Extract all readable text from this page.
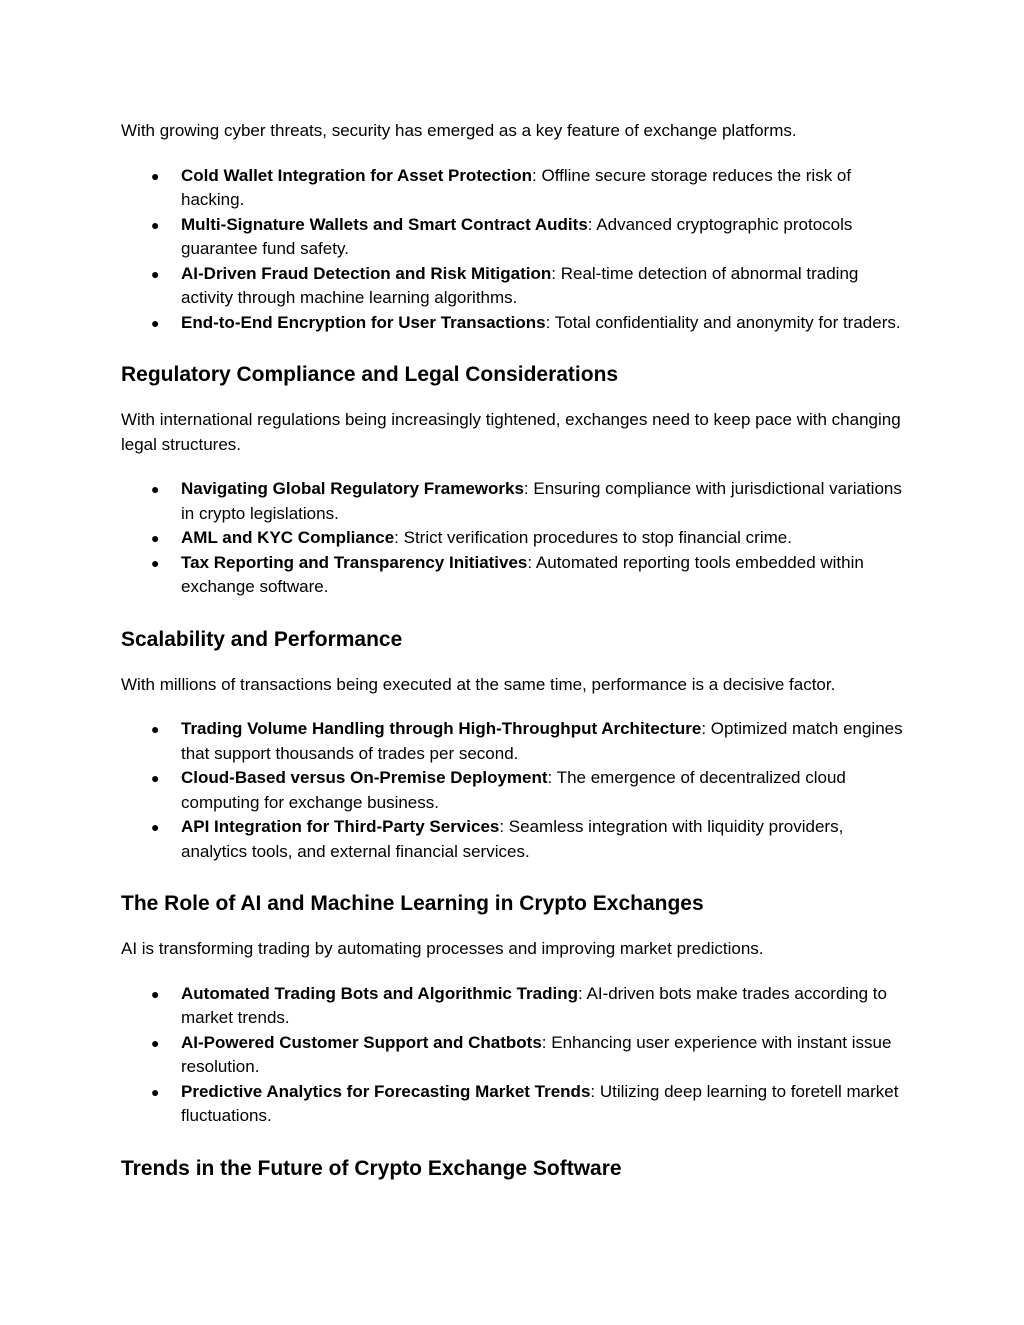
With growing cyber threats, security has emerged as a key feature of exchange platforms.

● Cold Wallet Integration for Asset Protection: Offline secure storage reduces the risk of hacking.
● Multi-Signature Wallets and Smart Contract Audits: Advanced cryptographic protocols guarantee fund safety.
● AI-Driven Fraud Detection and Risk Mitigation: Real-time detection of abnormal trading activity through machine learning algorithms.
● End-to-End Encryption for User Transactions: Total confidentiality and anonymity for traders.
Regulatory Compliance and Legal Considerations

With international regulations being increasingly tightened, exchanges need to keep pace with changing legal structures.

● Navigating Global Regulatory Frameworks: Ensuring compliance with jurisdictional variations in crypto legislations.
● AML and KYC Compliance: Strict verification procedures to stop financial crime.
● Tax Reporting and Transparency Initiatives: Automated reporting tools embedded within exchange software.
Scalability and Performance

With millions of transactions being executed at the same time, performance is a decisive factor.

● Trading Volume Handling through High-Throughput Architecture: Optimized match engines that support thousands of trades per second.
● Cloud-Based versus On-Premise Deployment: The emergence of decentralized cloud computing for exchange business.
● API Integration for Third-Party Services: Seamless integration with liquidity providers, analytics tools, and external financial services.
The Role of AI and Machine Learning in Crypto Exchanges

AI is transforming trading by automating processes and improving market predictions.

● Automated Trading Bots and Algorithmic Trading: AI-driven bots make trades according to market trends.
● AI-Powered Customer Support and Chatbots: Enhancing user experience with instant issue resolution.
● Predictive Analytics for Forecasting Market Trends: Utilizing deep learning to foretell market fluctuations.
Trends in the Future of Crypto Exchange Software
